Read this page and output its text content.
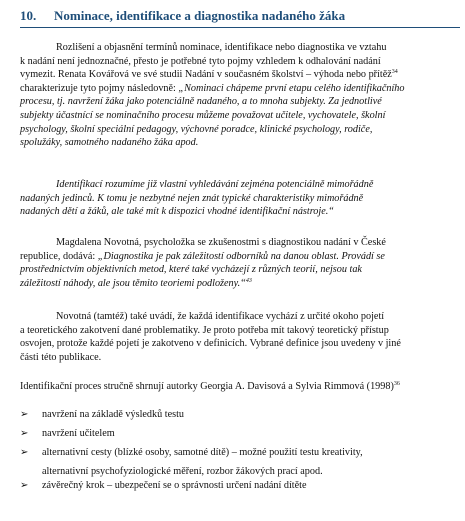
10. Nominace, identifikace a diagnostika nadaného žáka
Rozlišení a objasnění termínů nominace, identifikace nebo diagnostika ve vztahu
k nadání není jednoznačné, přesto je potřebné tyto pojmy vzhledem k odhalování nadání
vymezit. Renata Kovářová ve své studii Nadání v současném školství – výhoda nebo přítěž$^{34}$
charakterizuje tyto pojmy následovně: „Nominaci chápeme první etapu celého identifikačního
procesu, tj. navržení žáka jako potenciálně nadaného, a to mnoha subjekty. Za jednotlivé
subjekty účastnící se nominačního procesu můžeme považovat učitele, vychovatele, školní
psychology, školní speciální pedagogy, výchovné poradce, klinické psychology, rodiče,
spolužáky, samotného nadaného žáka apod.
Identifikací rozumíme již vlastní vyhledávání zejména potenciálně mimořádně
nadaných jedinců. K tomu je nezbytné nejen znát typické charakteristiky mimořádně
nadaných dětí a žáků, ale také mít k dispozici vhodné identifikační nástroje.“
Magdalena Novotná, psycholožka se zkušenostmi s diagnostikou nadání v České
republice, dodává: „Diagnostika je pak záležitostí odborníků na danou oblast. Provádí se
prostřednictvím objektivních metod, které také vycházejí z různých teorií, nejsou tak
záležitostí náhody, ale jsou těmito teoriemi podloženy.“$^{43}$
Novotná (tamtéž) také uvádí, že každá identifikace vychází z určité okoho pojetí
a teoretického zakotvení dané problematiky. Je proto potřeba mít takový teoretický přístup
osvojen, protože každé pojetí je zakotveno v definicích. Vybrané definice jsou uvedeny v jiné
části této publikace.
Identifikační proces stručně shrnují autorky Georgia A. Davisová a Sylvia Rimmová $(1998)^{36}$
➢ navržení na základě výsledků testu
➢ navržení učitelem
➢ alternativní cesty (blízké osoby, samotné dítě) – možné použití testu kreativity,
alternativní psychofyziologické měření, rozbor žákových prací apod.
➢ závěrečný krok – ubezpečení se o správnosti určení nadání dítěte
